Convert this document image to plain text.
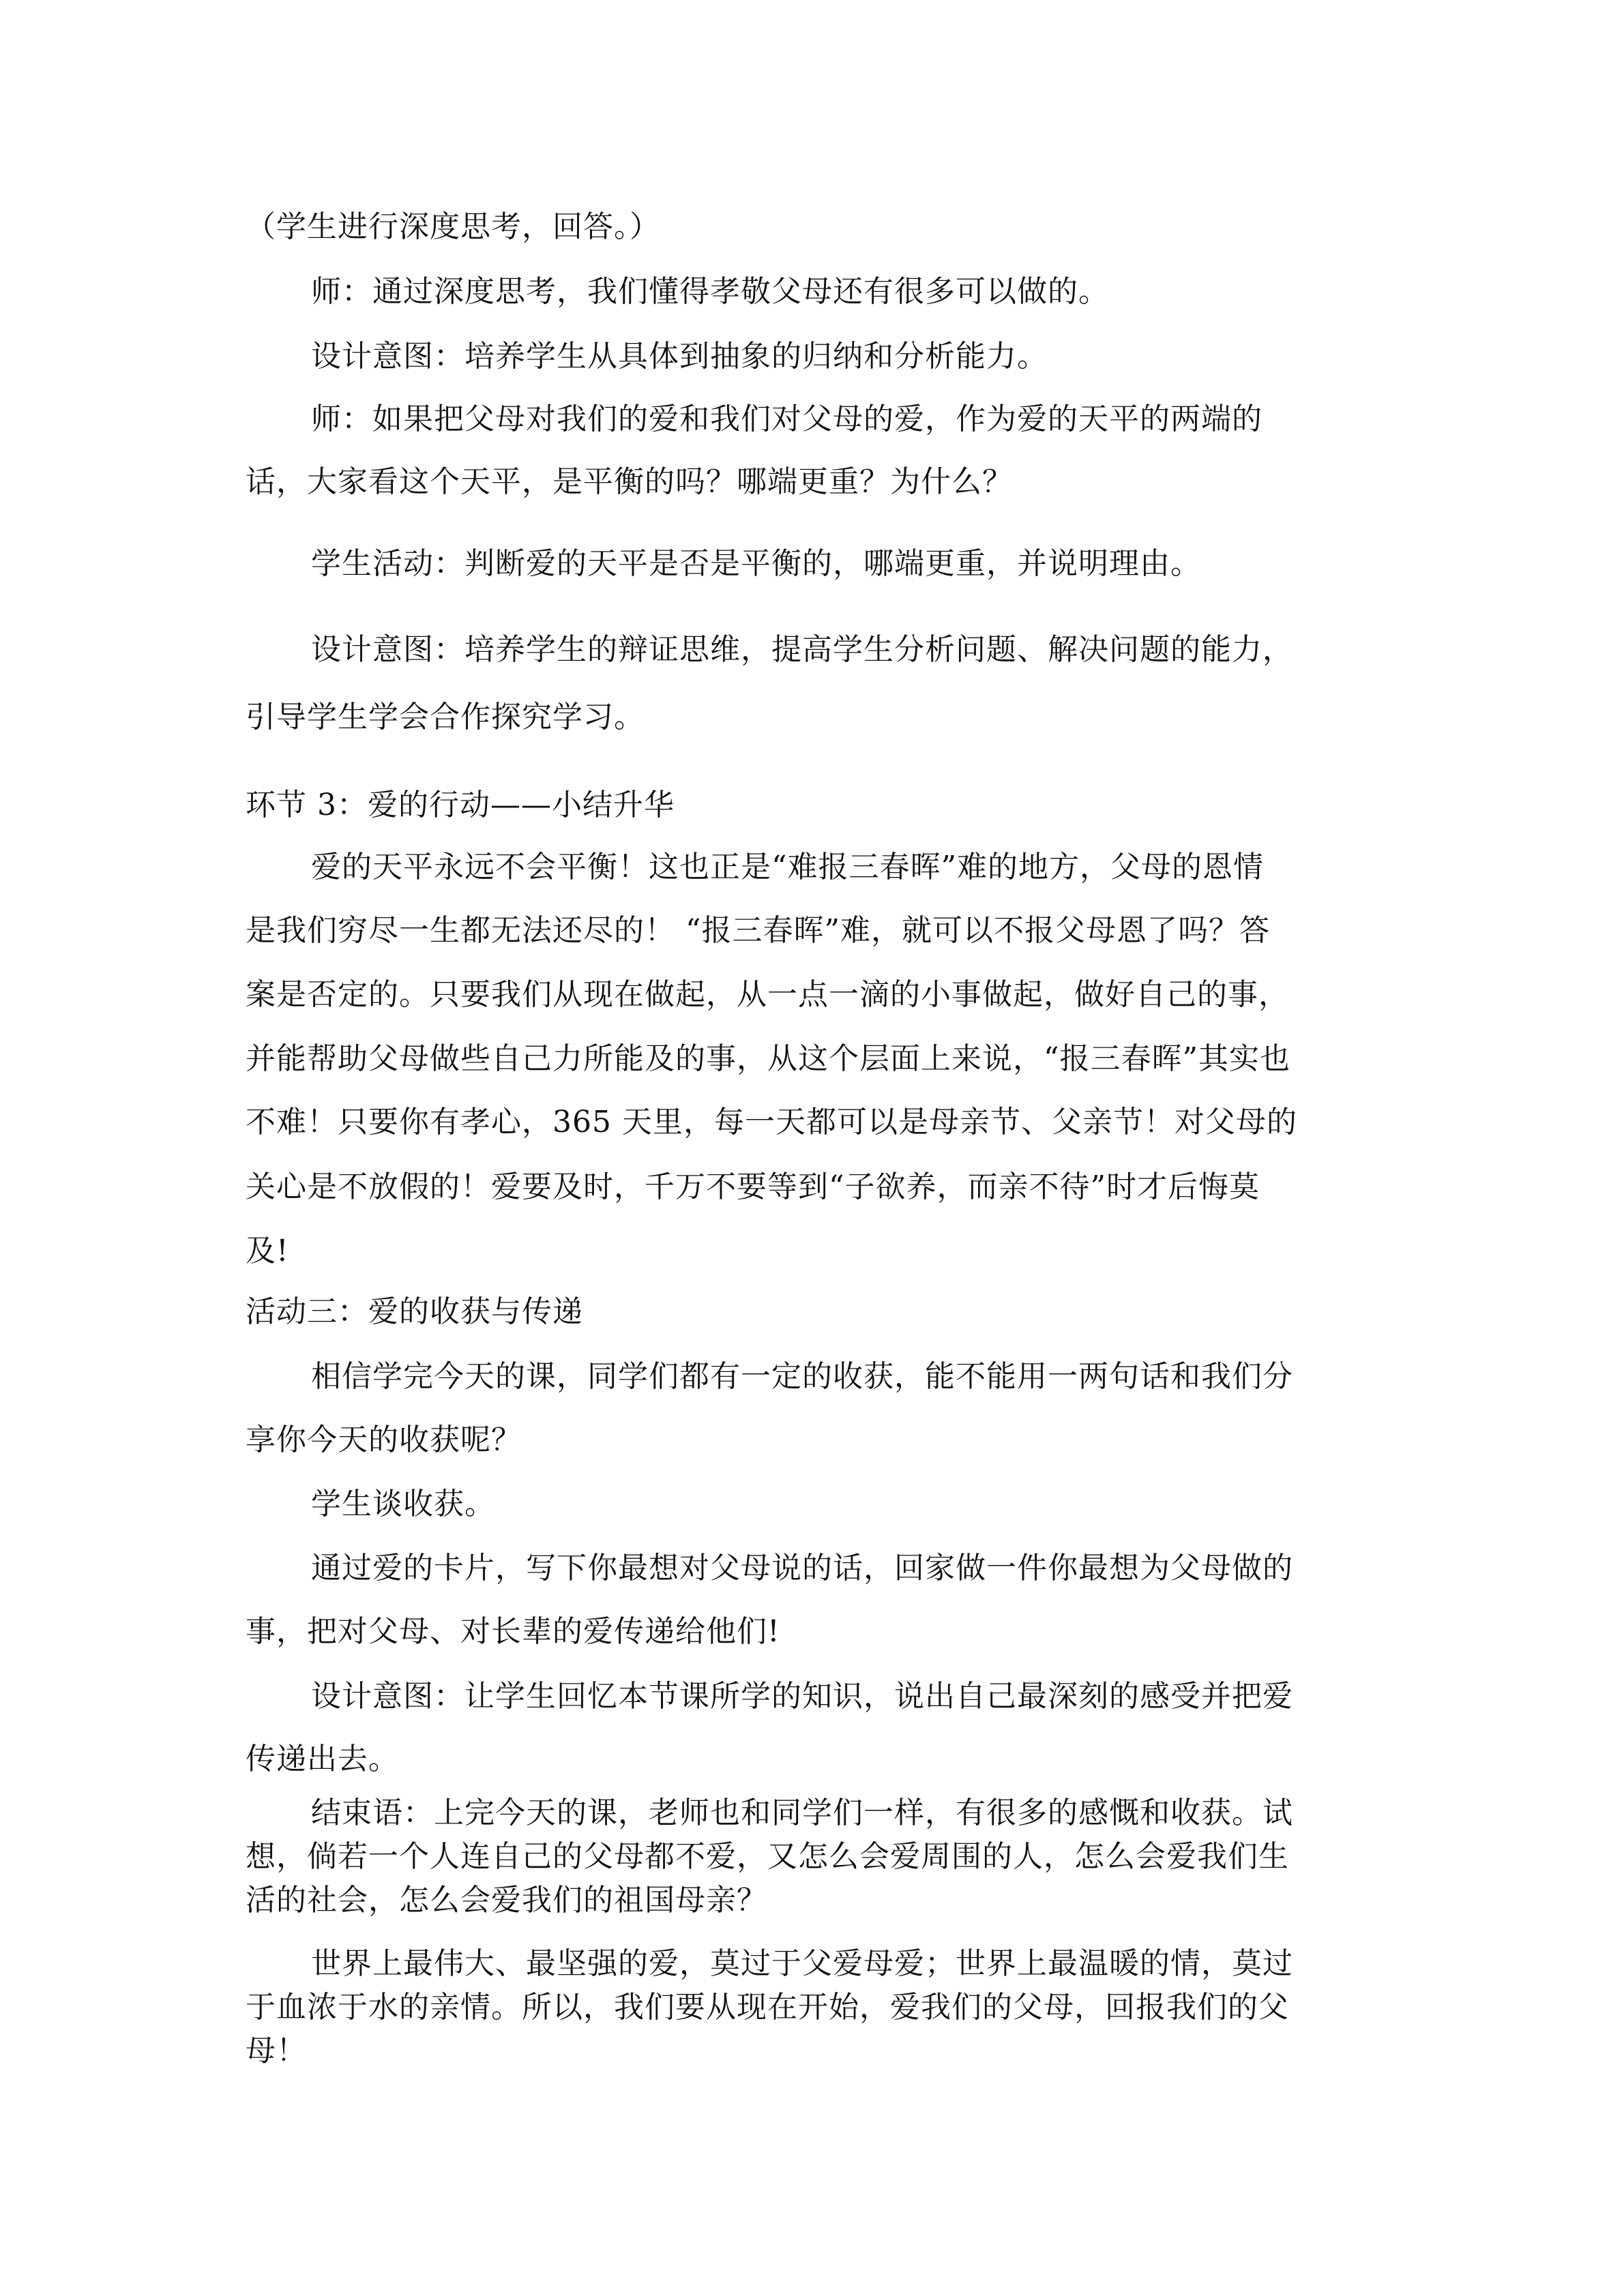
（学生进行深度思考，回答。）
师：通过深度思考，我们懂得孝敬父母还有很多可以做的。
设计意图：培养学生从具体到抽象的归纳和分析能力。
师：如果把父母对我们的爱和我们对父母的爱，作为爱的天平的两端的
话，大家看这个天平，是平衡的吗？哪端更重？为什么？
学生活动：判断爱的天平是否是平衡的，哪端更重，并说明理由。
设计意图：培养学生的辩证思维，提高学生分析问题、解决问题的能力，
引导学生学会合作探究学习。
环节 3：爱的行动——小结升华
爱的天平永远不会平衡！这也正是“难报三春晖”难的地方，父母的恩情
是我们穷尽一生都无法还尽的！ “报三春晖”难，就可以不报父母恩了吗？答
案是否定的。只要我们从现在做起，从一点一滴的小事做起，做好自己的事，
并能帮助父母做些自己力所能及的事，从这个层面上来说，“报三春晖”其实也
不难！只要你有孝心，365 天里，每一天都可以是母亲节、父亲节！对父母的
关心是不放假的！爱要及时，千万不要等到“子欲养，而亲不待”时才后悔莫
及!
活动三：爱的收获与传递
相信学完今天的课，同学们都有一定的收获，能不能用一两句话和我们分
享你今天的收获呢？
学生谈收获。
通过爱的卡片，写下你最想对父母说的话，回家做一件你最想为父母做的
事，把对父母、对长辈的爱传递给他们!
设计意图：让学生回忆本节课所学的知识，说出自己最深刻的感受并把爱
传递出去。
结束语：上完今天的课，老师也和同学们一样，有很多的感慨和收获。试
想，倘若一个人连自己的父母都不爱，又怎么会爱周围的人，怎么会爱我们生
活的社会，怎么会爱我们的祖国母亲？
世界上最伟大、最坚强的爱，莫过于父爱母爱；世界上最温暖的情，莫过
于血浓于水的亲情。所以，我们要从现在开始，爱我们的父母，回报我们的父
母！
